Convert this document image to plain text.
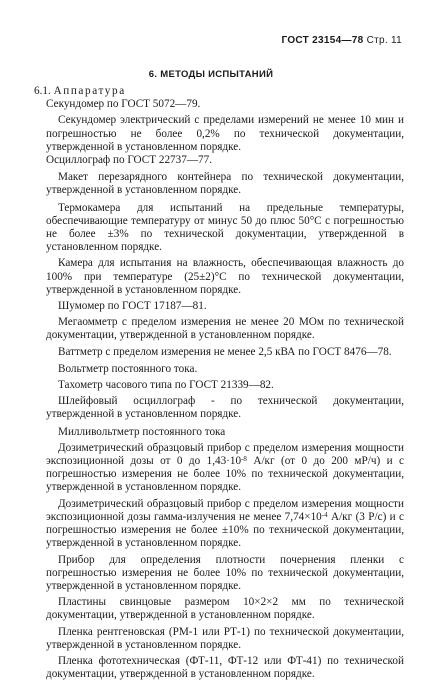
ГОСТ 23154—78 Стр. 11
6. МЕТОДЫ ИСПЫТАНИЙ

6.1. Аппаратура

Секундомер по ГОСТ 5072—79.

Секундомер электрический с пределами измерений не менее 10 мин и погрешностью не более 0,2% по технической документации, утвержденной в установленном порядке.

Осциллограф по ГОСТ 22737—77.

Макет перезарядного контейнера по технической документации, утвержденной в установленном порядке.

Термокамера для испытаний на предельные температуры, обеспечивающие температуру от минус 50 до плюс 50°С с погрешностью не более ±3% по технической документации, утвержденной в установленном порядке.

Камера для испытания на влажность, обеспечивающая влажность до 100% при температуре (25±2)°С по технической документации, утвержденной в установленном порядке.

Шумомер по ГОСТ 17187—81.

Мегаомметр с пределом измерения не менее 20 МОм по технической документации, утвержденной в установленном порядке.

Ваттметр с пределом измерения не менее 2,5 кВА по ГОСТ 8476—78.

Вольтметр постоянного тока.

Тахометр часового типа по ГОСТ 21339—82.

Шлейфовый осциллограф - по технической документации, утвержденной в установленном порядке.

Милливольтметр постоянного тока

Дозиметрический образцовый прибор с пределом измерения мощности экспозиционной дозы от 0 до $1,43\cdot 10^{-8}$ А/кг (от 0 до 200 мР/ч) и с погрешностью измерения не более 10% по технической документации, утвержденной в установленном порядке.

Дозиметрический образцовый прибор с пределом измерения мощности экспозиционной дозы гамма-излучения не менее $7,74\times 10^{-4}$ А/кг (3 Р/с) и с погрешностью измерения не более ±10% по технической документации, утвержденной в установленном порядке.

Прибор для определения плотности почернения пленки с погрешностью измерения не более 10% по технической документации, утвержденной в установленном порядке.

Пластины свинцовые размером 10×2×2 мм по технической документации, утвержденной в установленном порядке.

Пленка рентгеновская (РМ-1 или РТ-1) по технической документации, утвержденной в установленном порядке.

Пленка фототехническая (ФТ-11, ФТ-12 или ФТ-41) по технической документации, утвержденной в установленном порядке.
